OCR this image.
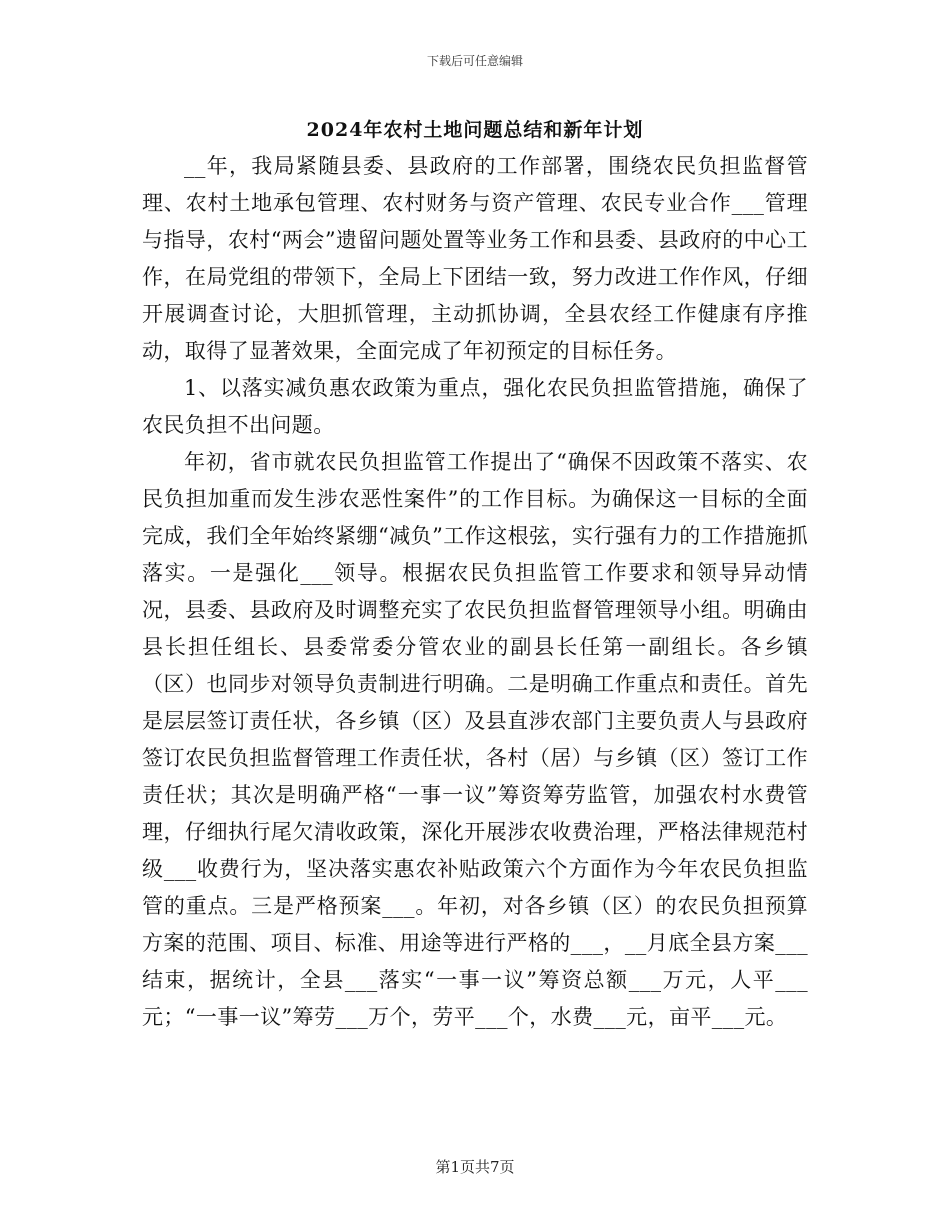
下载后可任意编辑
2024年农村土地问题总结和新年计划

__年，我局紧随县委、县政府的工作部署，围绕农民负担监督管理、农村土地承包管理、农村财务与资产管理、农民专业合作___管理与指导，农村“两会”遗留问题处置等业务工作和县委、县政府的中心工作，在局党组的带领下，全局上下团结一致，努力改进工作作风，仔细开展调查讨论，大胆抓管理，主动抓协调，全县农经工作健康有序推动，取得了显著效果，全面完成了年初预定的目标任务。

1、以落实减负惠农政策为重点，强化农民负担监管措施，确保了农民负担不出问题。

年初，省市就农民负担监管工作提出了“确保不因政策不落实、农民负担加重而发生涉农恶性案件”的工作目标。为确保这一目标的全面完成，我们全年始终紧绷“减负”工作这根弦，实行强有力的工作措施抓落实。一是强化___领导。根据农民负担监管工作要求和领导异动情况，县委、县政府及时调整充实了农民负担监督管理领导小组。明确由县长担任组长、县委常委分管农业的副县长任第一副组长。各乡镇（区）也同步对领导负责制进行明确。二是明确工作重点和责任。首先是层层签订责任状，各乡镇（区）及县直涉农部门主要负责人与县政府签订农民负担监督管理工作责任状，各村（居）与乡镇（区）签订工作责任状；其次是明确严格“一事一议”筹资筹劳监管，加强农村水费管理，仔细执行尾欠清收政策，深化开展涉农收费治理，严格法律规范村级___收费行为，坚决落实惠农补贴政策六个方面作为今年农民负担监管的重点。三是严格预案___。年初，对各乡镇（区）的农民负担预算方案的范围、项目、标准、用途等进行严格的___，__月底全县方案___结束，据统计，全县___落实“一事一议”筹资总额___万元，人平___元；“一事一议”筹劳___万个，劳平___个，水费___元，亩平___元。

第1页共7页
